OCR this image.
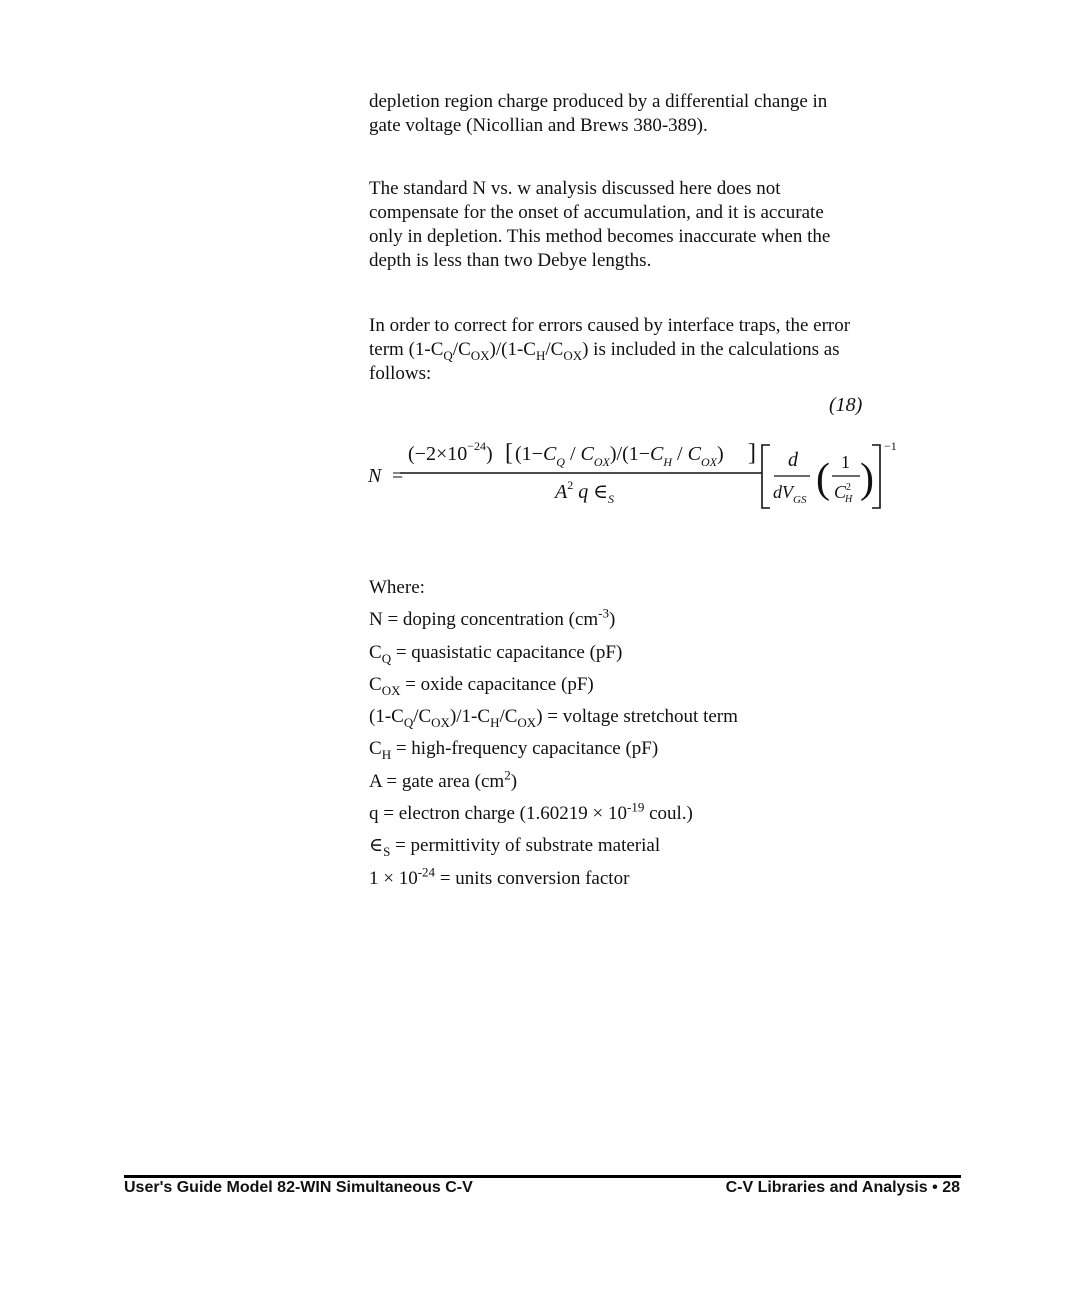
depletion region charge produced by a differential change in
gate voltage (Nicollian and Brews 380-389).

The standard N vs. w analysis discussed here does not
compensate for the onset of accumulation, and it is accurate
only in depletion. This method becomes inaccurate when the
depth is less than two Debye lengths.

In order to correct for errors caused by interface traps, the error
term $(1-C_Q/C_{OX})/(1-C_H/C_{OX})$ is included in the calculations as
follows:

(18)
N =
$(-2\times 10^{-24})$ [ $(1-C_Q / C_{OX})/(1-C_H / C_{OX})$ ]
$A^2$ q $\in_S$
d
$dV_{GS}$ ( 1
$C^2$ H )
−1
Where:
N = doping concentration $(cm^{-3})$
$C_Q$ = quasistatic capacitance (pF)
$C_{OX}$ = oxide capacitance (pF)
$(1-C_Q/C_{OX})/1-C_H/C_{OX}$) = voltage stretchout term
$C_H$ = high-frequency capacitance (pF)
A = gate area $(cm^2)$
q = electron charge ($1.60219 \times 10^{-19}$ coul.)
$\in_S$ = permittivity of substrate material
$1 \times 10^{-24}$ = units conversion factor
User's Guide Model 82-WIN Simultaneous C-V	C-V Libraries and Analysis • 28
